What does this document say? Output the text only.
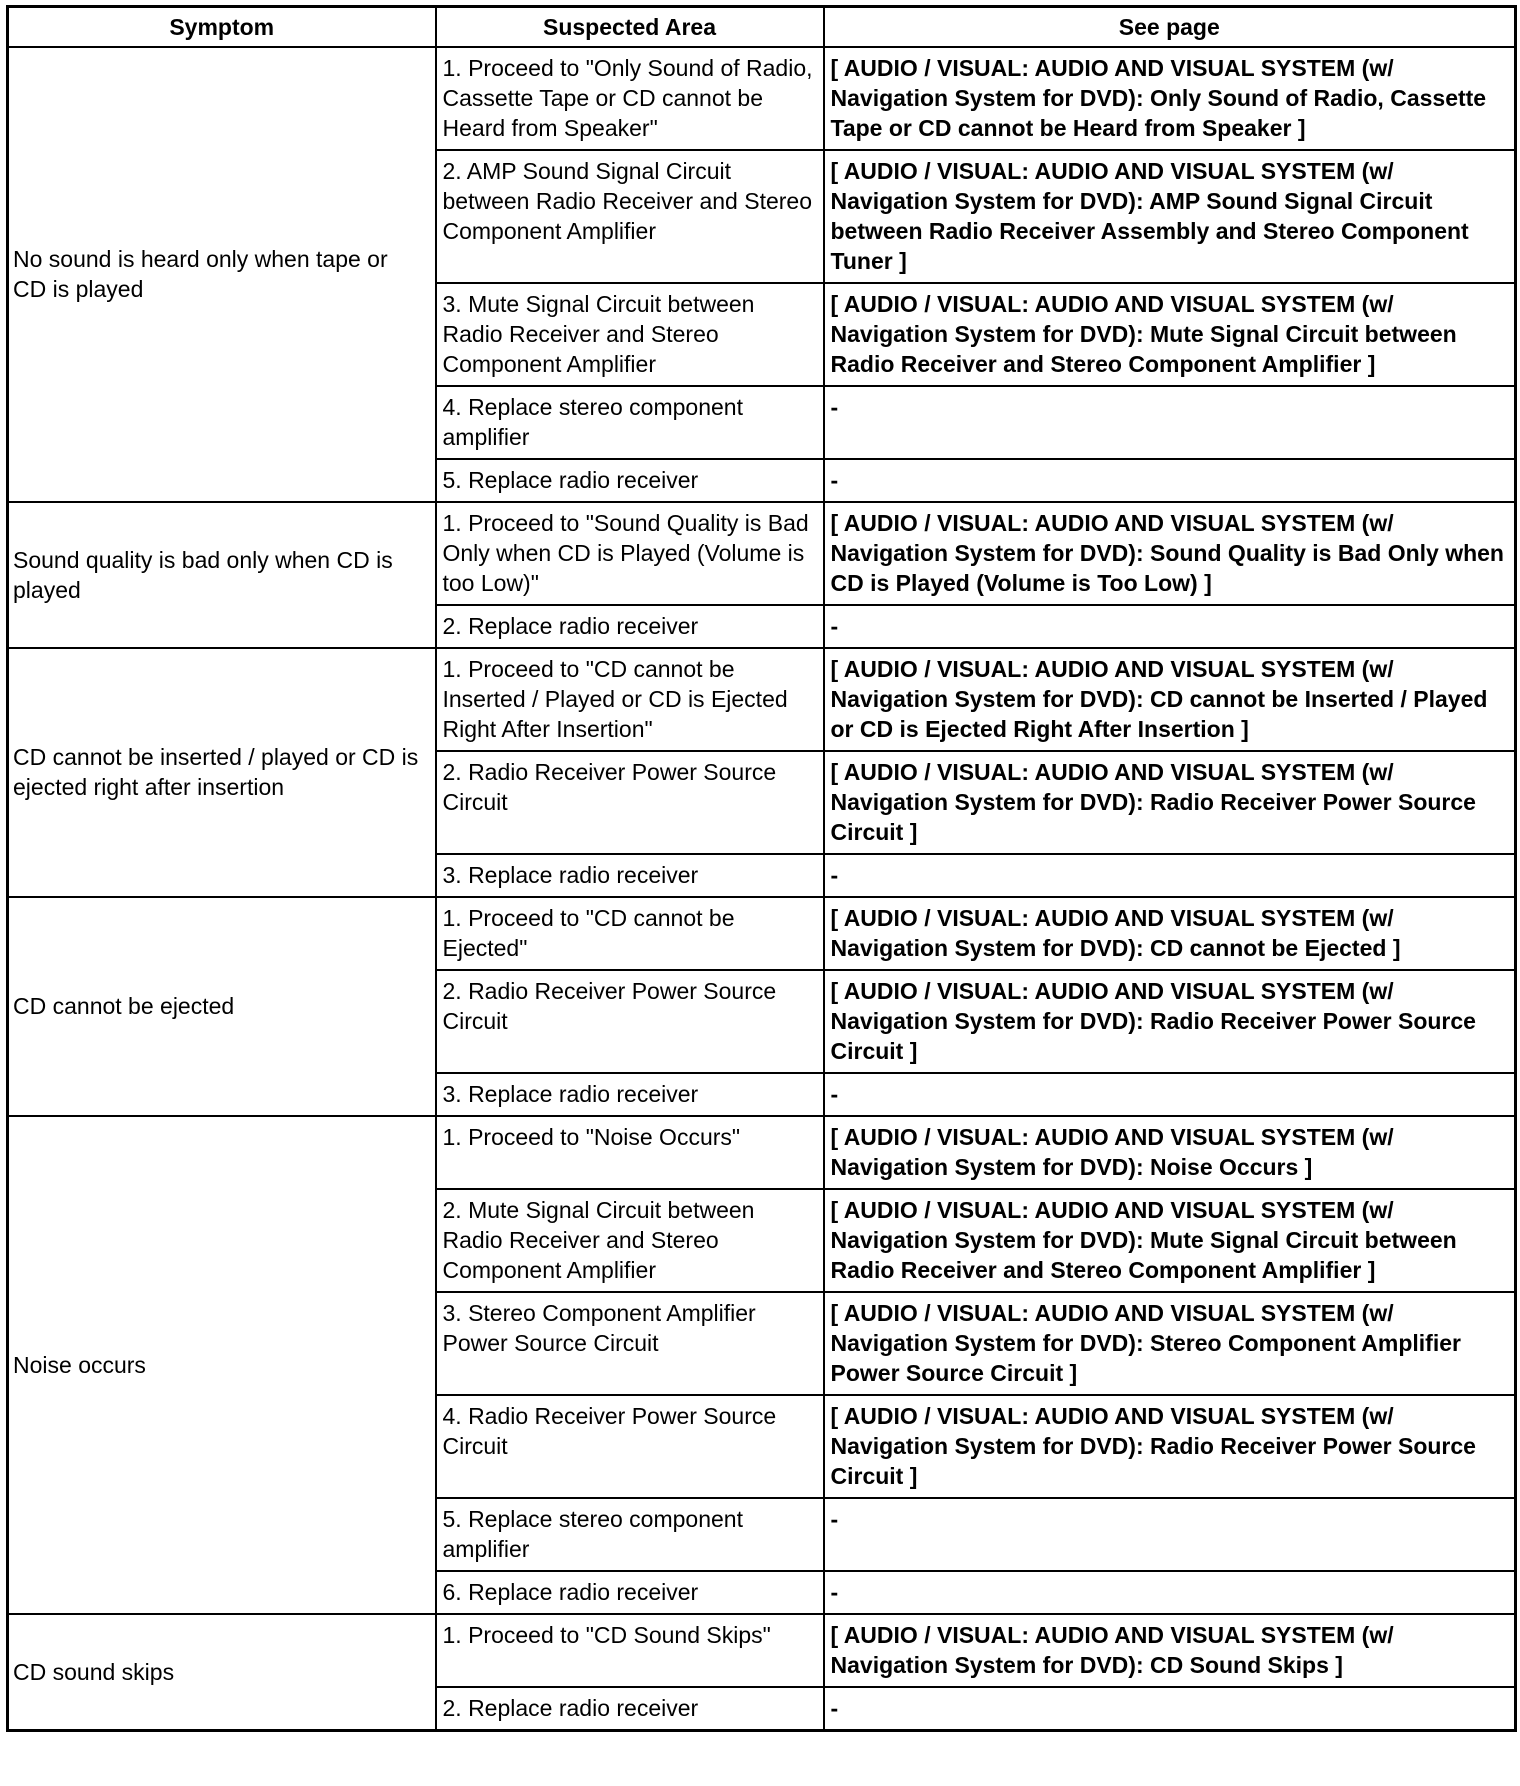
Symptom	Suspected Area	See page
No sound is heard only when tape or CD is played	1. Proceed to "Only Sound of Radio, Cassette Tape or CD cannot be Heard from Speaker"	[ AUDIO / VISUAL: AUDIO AND VISUAL SYSTEM (w/ Navigation System for DVD): Only Sound of Radio, Cassette Tape or CD cannot be Heard from Speaker ]
	2. AMP Sound Signal Circuit between Radio Receiver and Stereo Component Amplifier	[ AUDIO / VISUAL: AUDIO AND VISUAL SYSTEM (w/ Navigation System for DVD): AMP Sound Signal Circuit between Radio Receiver Assembly and Stereo Component Tuner ]
	3. Mute Signal Circuit between Radio Receiver and Stereo Component Amplifier	[ AUDIO / VISUAL: AUDIO AND VISUAL SYSTEM (w/ Navigation System for DVD): Mute Signal Circuit between Radio Receiver and Stereo Component Amplifier ]
	4. Replace stereo component amplifier	-
	5. Replace radio receiver	-
Sound quality is bad only when CD is played	1. Proceed to "Sound Quality is Bad Only when CD is Played (Volume is too Low)"	[ AUDIO / VISUAL: AUDIO AND VISUAL SYSTEM (w/ Navigation System for DVD): Sound Quality is Bad Only when CD is Played (Volume is Too Low) ]
	2. Replace radio receiver	-
CD cannot be inserted / played or CD is ejected right after insertion	1. Proceed to "CD cannot be Inserted / Played or CD is Ejected Right After Insertion"	[ AUDIO / VISUAL: AUDIO AND VISUAL SYSTEM (w/ Navigation System for DVD): CD cannot be Inserted / Played or CD is Ejected Right After Insertion ]
	2. Radio Receiver Power Source Circuit	[ AUDIO / VISUAL: AUDIO AND VISUAL SYSTEM (w/ Navigation System for DVD): Radio Receiver Power Source Circuit ]
	3. Replace radio receiver	-
CD cannot be ejected	1. Proceed to "CD cannot be Ejected"	[ AUDIO / VISUAL: AUDIO AND VISUAL SYSTEM (w/ Navigation System for DVD): CD cannot be Ejected ]
	2. Radio Receiver Power Source Circuit	[ AUDIO / VISUAL: AUDIO AND VISUAL SYSTEM (w/ Navigation System for DVD): Radio Receiver Power Source Circuit ]
	3. Replace radio receiver	-
Noise occurs	1. Proceed to "Noise Occurs"	[ AUDIO / VISUAL: AUDIO AND VISUAL SYSTEM (w/ Navigation System for DVD): Noise Occurs ]
	2. Mute Signal Circuit between Radio Receiver and Stereo Component Amplifier	[ AUDIO / VISUAL: AUDIO AND VISUAL SYSTEM (w/ Navigation System for DVD): Mute Signal Circuit between Radio Receiver and Stereo Component Amplifier ]
	3. Stereo Component Amplifier Power Source Circuit	[ AUDIO / VISUAL: AUDIO AND VISUAL SYSTEM (w/ Navigation System for DVD): Stereo Component Amplifier Power Source Circuit ]
	4. Radio Receiver Power Source Circuit	[ AUDIO / VISUAL: AUDIO AND VISUAL SYSTEM (w/ Navigation System for DVD): Radio Receiver Power Source Circuit ]
	5. Replace stereo component amplifier	-
	6. Replace radio receiver	-
CD sound skips	1. Proceed to "CD Sound Skips"	[ AUDIO / VISUAL: AUDIO AND VISUAL SYSTEM (w/ Navigation System for DVD): CD Sound Skips ]
	2. Replace radio receiver	-
